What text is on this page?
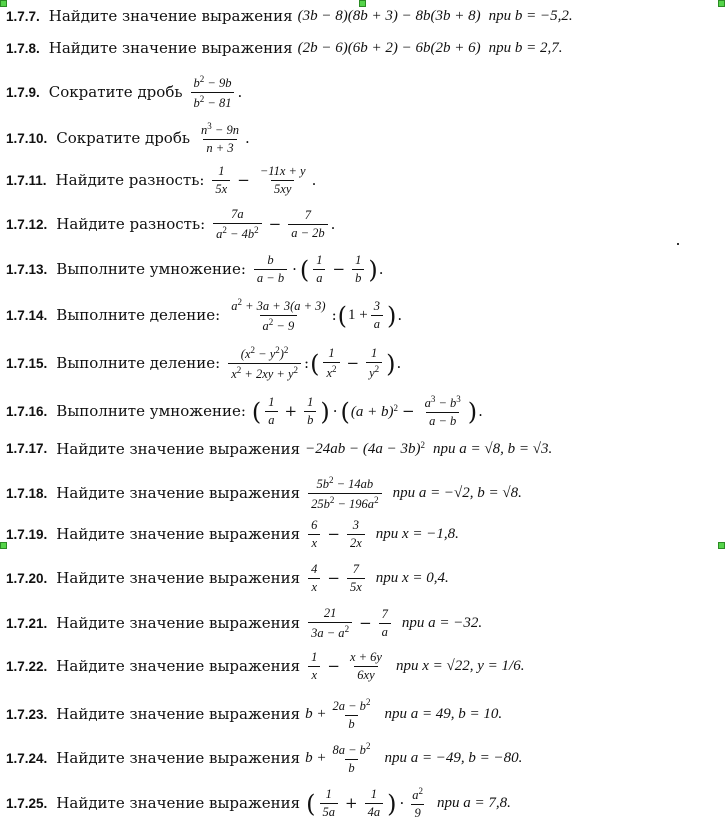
1.7.7. Найдите значение выражения (3b − 8)(8b + 3) − 8b(3b + 8) при b = −5,2.
1.7.8. Найдите значение выражения (2b − 6)(6b + 2) − 6b(2b + 6) при b = 2,7.
1.7.9. Сократите дробь $\frac{b^2 - 9b}{b^2 - 81}$ .
1.7.10. Сократите дробь $\frac{n^3 - 9n}{n + 3}$ .
1.7.11. Найдите разность: $\frac{1}{5x} - \frac{-11x + y}{5xy}$ .
1.7.12. Найдите разность: $\frac{7a}{a^2 - 4b^2} - \frac{7}{a - 2b}$ .
1.7.13. Выполните умножение: $\frac{b}{a - b}$ · ( $\frac{1}{a} - \frac{1}{b}$ ) .
1.7.14. Выполните деление: $\frac{a^2 + 3a + 3(a + 3)}{a^2 - 9}$ : ( $1 + \frac{3}{a}$ ) .
1.7.15. Выполните деление: $\frac{(x^2 - y^2)^2}{x^2 + 2xy + y^2}$ : ( $\frac{1}{x^2} - \frac{1}{y^2}$ ) .
1.7.16. Выполните умножение: ( $\frac{1}{a} + \frac{1}{b}$ ) · ( $(a + b)^2 - \frac{a^3 - b^3}{a - b}$ ) .
1.7.17. Найдите значение выражения $-24ab - (4a - 3b)^2$ при a = √8, b = √3.
1.7.18. Найдите значение выражения $\frac{5b^2 - 14ab}{25b^2 - 196a^2}$ при a = −√2, b = √8.
1.7.19. Найдите значение выражения $\frac{6}{x} - \frac{3}{2x}$ при x = −1,8.
1.7.20. Найдите значение выражения $\frac{4}{x} - \frac{7}{5x}$ при x = 0,4.
1.7.21. Найдите значение выражения $\frac{21}{3a - a^2} - \frac{7}{a}$ при a = −32.
1.7.22. Найдите значение выражения $\frac{1}{x} - \frac{x + 6y}{6xy}$ при x = √22, y = 1/6.
1.7.23. Найдите значение выражения $b + \frac{2a - b^2}{b}$ при a = 49, b = 10.
1.7.24. Найдите значение выражения $b + \frac{8a - b^2}{b}$ при a = −49, b = −80.
1.7.25. Найдите значение выражения ( $\frac{1}{5a} + \frac{1}{4a}$ ) · $\frac{a^2}{9}$ при a = 7,8.
